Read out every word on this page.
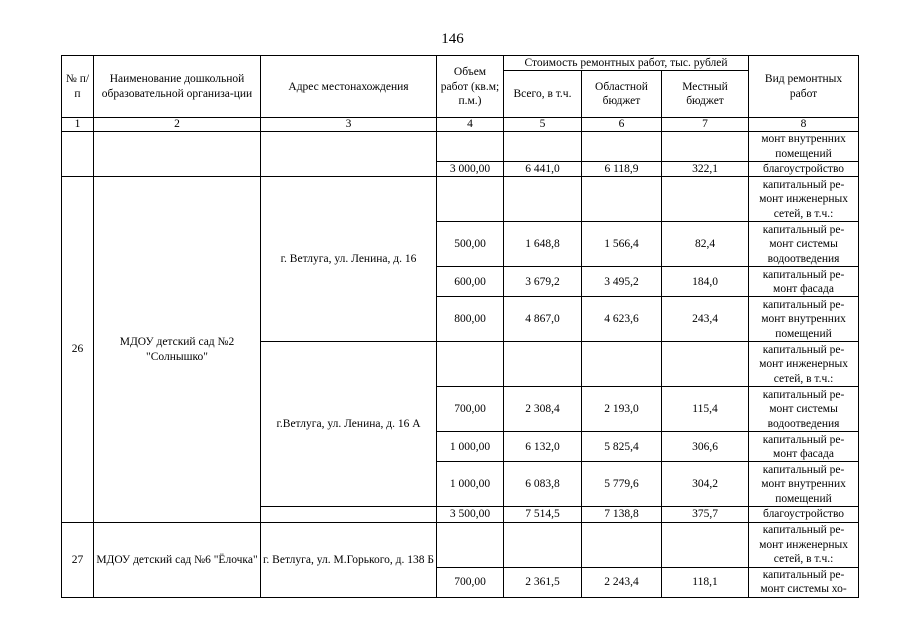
146
№ п/п	Наименование дошкольной образовательной организа-ции	Адрес местонахождения	Объем работ (кв.м; п.м.)	Стоимость ремонтных работ, тыс. рублей			Вид ремонтных работ
				Всего, в т.ч.	Областной бюджет	Местный бюджет	
1	2	3	4	5	6	7	8
							монт внутренних помещений
			3 000,00	6 441,0	6 118,9	322,1	благоустройство
26	МДОУ детский сад №2 "Солнышко"	г. Ветлуга, ул. Ленина, д. 16					капитальный ре-монт инженерных сетей, в т.ч.:
			500,00	1 648,8	1 566,4	82,4	капитальный ре-монт системы водоотведения
			600,00	3 679,2	3 495,2	184,0	капитальный ре-монт фасада
			800,00	4 867,0	4 623,6	243,4	капитальный ре-монт внутренних помещений
		г.Ветлуга, ул. Ленина, д. 16 А					капитальный ре-монт инженерных сетей, в т.ч.:
			700,00	2 308,4	2 193,0	115,4	капитальный ре-монт системы водоотведения
			1 000,00	6 132,0	5 825,4	306,6	капитальный ре-монт фасада
			1 000,00	6 083,8	5 779,6	304,2	капитальный ре-монт внутренних помещений
			3 500,00	7 514,5	7 138,8	375,7	благоустройство
27	МДОУ детский сад №6 "Ёлочка"	г. Ветлуга, ул. М.Горького, д. 138 Б					капитальный ре-монт инженерных сетей, в т.ч.:
			700,00	2 361,5	2 243,4	118,1	капитальный ре-монт системы хо-
